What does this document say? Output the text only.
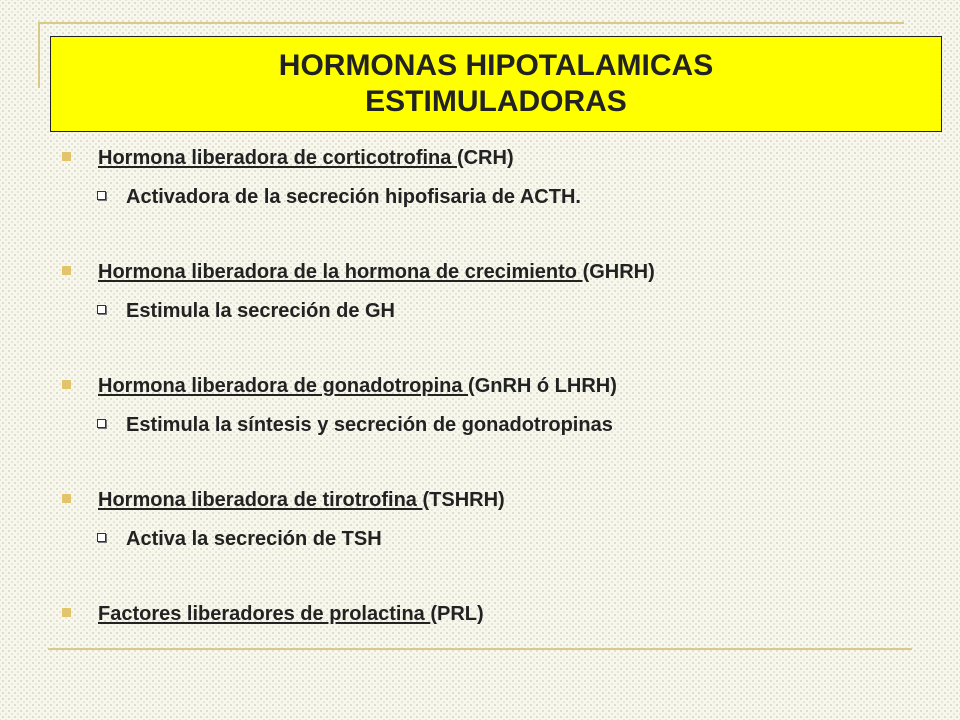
HORMONAS HIPOTALAMICAS
ESTIMULADORAS
Hormona liberadora de corticotrofina (CRH)
Activadora de la secreción hipofisaria de ACTH.
Hormona liberadora de la hormona de crecimiento (GHRH)
Estimula la secreción de GH
Hormona liberadora de gonadotropina (GnRH ó LHRH)
Estimula la síntesis y secreción de gonadotropinas
Hormona liberadora de tirotrofina (TSHRH)
Activa la secreción de TSH
Factores liberadores de prolactina (PRL)
